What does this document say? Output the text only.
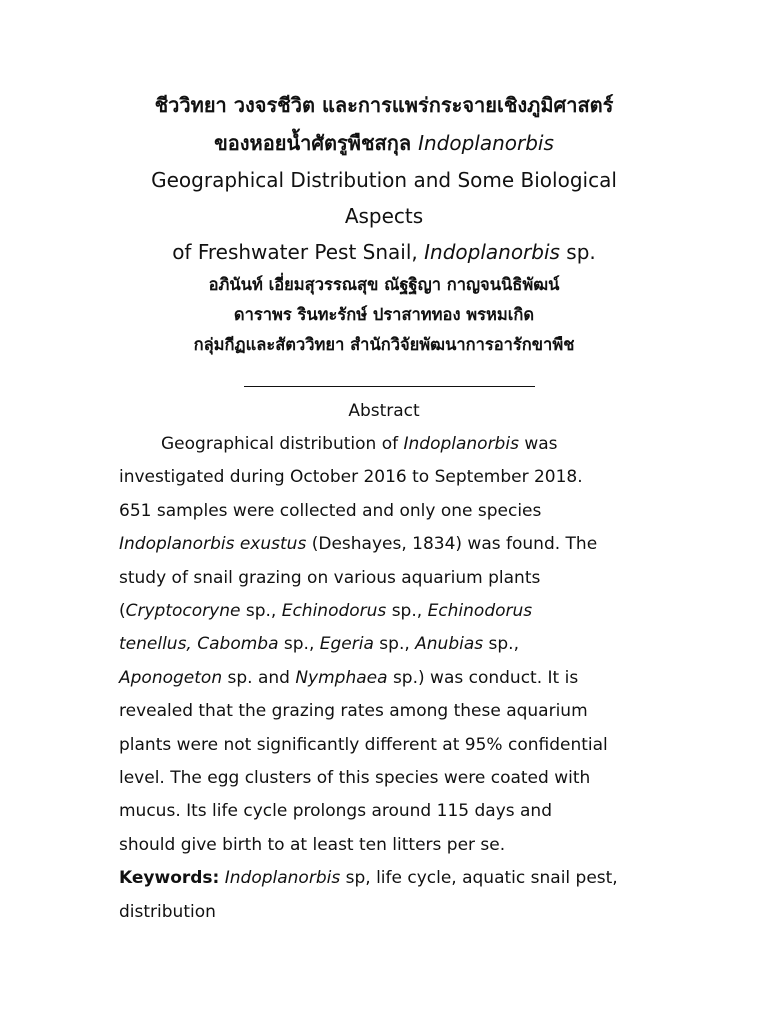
ชีววิทยา วงจรชีวิต และการแพร่กระจายเชิงภูมิศาสตร์

ของหอยน้ำศัตรูพืชสกุล Indoplanorbis

Geographical Distribution and Some Biological

Aspects

of Freshwater Pest Snail, Indoplanorbis sp.

อภินันท์ เอี่ยมสุวรรณสุข ณัฐฐิญา กาญจนนิธิพัฒน์

ดาราพร รินทะรักษ์ ปราสาททอง พรหมเกิด

กลุ่มกีฏและสัตววิทยา สำนักวิจัยพัฒนาการอารักขาพืช

Abstract
Geographical distribution of Indoplanorbis was
investigated during October 2016 to September 2018.
651 samples were collected and only one species
Indoplanorbis exustus (Deshayes, 1834) was found. The
study of snail grazing on various aquarium plants
(Cryptocoryne sp., Echinodorus sp., Echinodorus
tenellus, Cabomba sp., Egeria sp., Anubias sp.,
Aponogeton sp. and Nymphaea sp.) was conduct. It is
revealed that the grazing rates among these aquarium
plants were not significantly different at 95% confidential
level. The egg clusters of this species were coated with
mucus. Its life cycle prolongs around 115 days and
should give birth to at least ten litters per se.
Keywords: Indoplanorbis sp, life cycle, aquatic snail pest,
distribution
